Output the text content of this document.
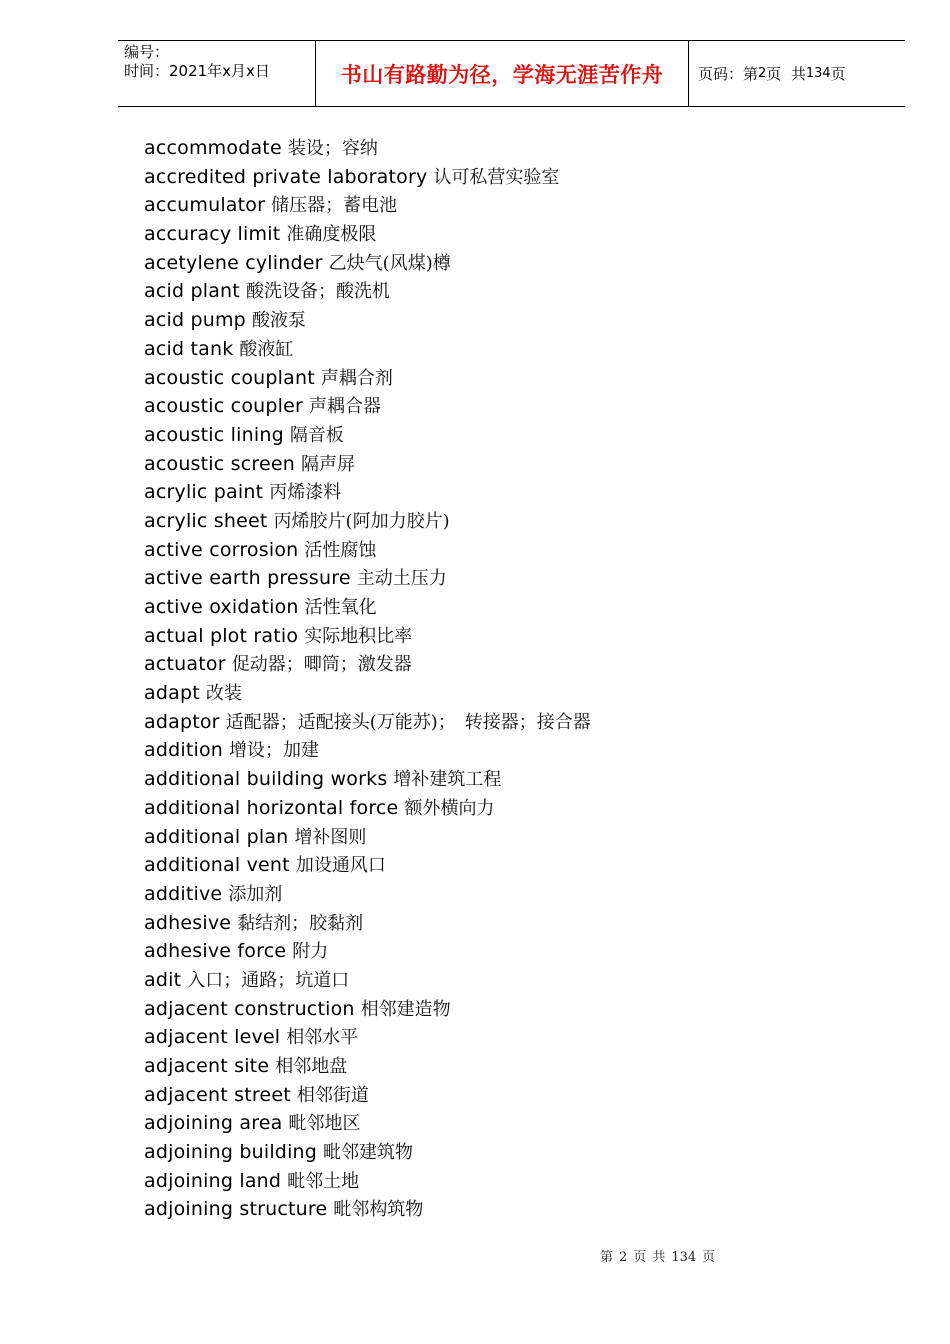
编号：
时间：2021年x月x日	书山有路勤为径，学海无涯苦作舟 页码：第 2 页  共 134 页
accommodate 装设；容纳
accredited private laboratory 认可私营实验室
accumulator 储压器；蓄电池
accuracy limit 准确度极限
acetylene cylinder 乙炔气(风煤)樽
acid plant 酸洗设备；酸洗机
acid pump 酸液泵
acid tank 酸液缸
acoustic couplant 声耦合剂
acoustic coupler 声耦合器
acoustic lining 隔音板
acoustic screen 隔声屏
acrylic paint 丙烯漆料
acrylic sheet 丙烯胶片(阿加力胶片)
active corrosion 活性腐蚀
active earth pressure 主动土压力
active oxidation 活性氧化
actual plot ratio 实际地积比率
actuator 促动器；唧筒；激发器
adapt 改装
adaptor 适配器；适配接头(万能苏)；　转接器；接合器
addition 增设；加建
additional building works 增补建筑工程
additional horizontal force 额外横向力
additional plan 增补图则
additional vent 加设通风口
additive 添加剂
adhesive 黏结剂；胶黏剂
adhesive force 附力
adit 入口；通路；坑道口
adjacent construction 相邻建造物
adjacent level 相邻水平
adjacent site 相邻地盘
adjacent street 相邻街道
adjoining area 毗邻地区
adjoining building 毗邻建筑物
adjoining land 毗邻土地
adjoining structure 毗邻构筑物
第 2 页 共 134 页
